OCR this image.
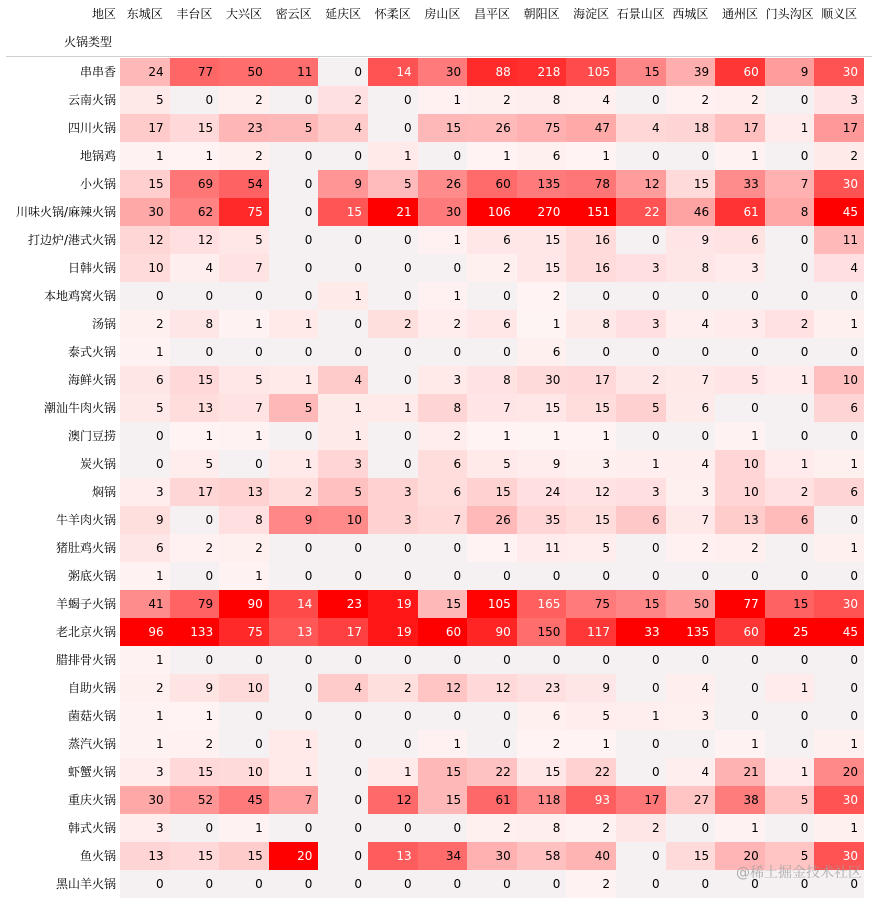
地区
火锅类型
东城区	丰台区	大兴区	密云区	延庆区	怀柔区	房山区	昌平区	朝阳区	海淀区 石景山区 西城区	通州区 门头沟区 顺义区
串串香	24	77	50	11	0	14	30	88	218	105	15	39	60	9	30
云南火锅	5	0	2	0	2	0	1	2	8	4	0	2	2	0	3
四川火锅	17	15	23	5	4	0	15	26	75	47	4	18	17	1	17
地锅鸡	1	1	2	0	0	1	0	1	6	1	0	0	1	0	2
小火锅	15	69	54	0	9	5	26	60	135	78	12	15	33	7	30
川味火锅/麻辣火锅	30	62	75	0	15	21	30	106	270	151	22	46	61	8	45
打边炉/港式火锅	12	12	5	0	0	0	1	6	15	16	0	9	6	0	11
日韩火锅	10	4	7	0	0	0	0	2	15	16	3	8	3	0	4
本地鸡窝火锅	0	0	0	0	1	0	1	0	2	0	0	0	0	0	0
汤锅	2	8	1	1	0	2	2	6	1	8	3	4	3	2	1
泰式火锅	1	0	0	0	0	0	0	0	6	0	0	0	0	0	0
海鲜火锅	6	15	5	1	4	0	3	8	30	17	2	7	5	1	10
潮汕牛肉火锅	5	13	7	5	1	1	8	7	15	15	5	6	0	0	6
澳门豆捞	0	1	1	0	1	0	2	1	1	1	0	0	1	0	0
炭火锅	0	5	0	1	3	0	6	5	9	3	1	4	10	1	1
焖锅	3	17	13	2	5	3	6	15	24	12	3	3	10	2	6
牛羊肉火锅	9	0	8	9	10	3	7	26	35	15	6	7	13	6	0
猪肚鸡火锅	6	2	2	0	0	0	0	1	11	5	0	2	2	0	1
粥底火锅	1	0	1	0	0	0	0	0	0	0	0	0	0	0	0
羊蝎子火锅	41	79	90	14	23	19	15	105	165	75	15	50	77	15	30
老北京火锅	96	133	75	13	17	19	60	90	150	117	33	135	60	25	45
腊排骨火锅	1	0	0	0	0	0	0	0	0	0	0	0	0	0	0
自助火锅	2	9	10	0	4	2	12	12	23	9	0	4	0	1	0
菌菇火锅	1	1	0	0	0	0	0	0	6	5	1	3	0	0	0
蒸汽火锅	1	2	0	1	0	0	1	0	2	1	0	0	1	0	1
虾蟹火锅	3	15	10	1	0	1	15	22	15	22	0	4	21	1	20
重庆火锅	30	52	45	7	0	12	15	61	118	93	17	27	38	5	30
韩式火锅	3	0	1	0	0	0	0	2	8	2	2	0	1	0	1
鱼火锅	13	15	15	20	0	13	34	30	58	40	0	15	20	5	30
黑山羊火锅	0	0	0	0	0	0	0	0	0	2	0	0	0	0	0
@稀土掘金技术社区
